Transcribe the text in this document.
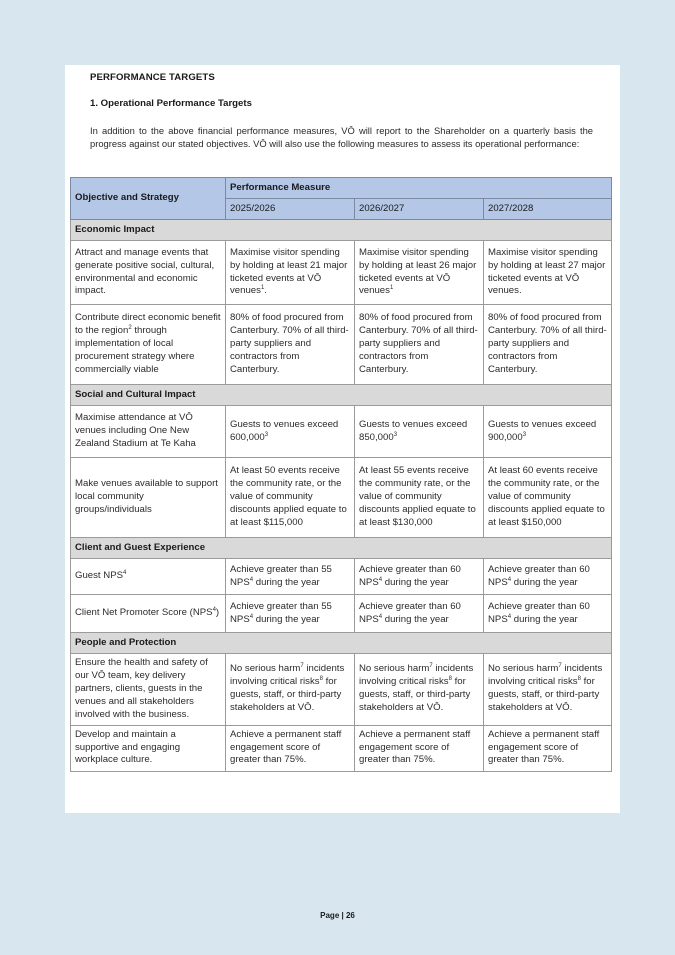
PERFORMANCE TARGETS
1. Operational Performance Targets
In addition to the above financial performance measures, VŌ will report to the Shareholder on a quarterly basis the progress against our stated objectives. VŌ will also use the following measures to assess its operational performance:
Objective and Strategy	Performance Measure		
	2025/2026	2026/2027	2027/2028
Economic Impact			
Attract and manage events that generate positive social, cultural, environmental and economic impact.	Maximise visitor spending by holding at least 21 major ticketed events at VŌ venues$^1$.	Maximise visitor spending by holding at least 26 major ticketed events at VŌ venues$^1$	Maximise visitor spending by holding at least 27 major ticketed events at VŌ venues.
Contribute direct economic benefit to the region$^2$ through implementation of local procurement strategy where commercially viable	80% of food procured from Canterbury. 70% of all third-party suppliers and contractors from Canterbury.	80% of food procured from Canterbury. 70% of all third-party suppliers and contractors from Canterbury.	80% of food procured from Canterbury. 70% of all third-party suppliers and contractors from Canterbury.
Social and Cultural Impact			
Maximise attendance at VŌ venues including One New Zealand Stadium at Te Kaha	Guests to venues exceed 600,000$^3$	Guests to venues exceed 850,000$^3$	Guests to venues exceed 900,000$^3$
Make venues available to support local community groups/individuals	At least 50 events receive the community rate, or the value of community discounts applied equate to at least $115,000	At least 55 events receive the community rate, or the value of community discounts applied equate to at least $130,000	At least 60 events receive the community rate, or the value of community discounts applied equate to at least $150,000
Client and Guest Experience			
Guest NPS$^4$	Achieve greater than 55 NPS$^4$ during the year	Achieve greater than 60 NPS$^4$ during the year	Achieve greater than 60 NPS$^4$ during the year
Client Net Promoter Score (NPS$^4$)	Achieve greater than 55 NPS$^4$ during the year	Achieve greater than 60 NPS$^4$ during the year	Achieve greater than 60 NPS$^4$ during the year
People and Protection			
Ensure the health and safety of our VŌ team, key delivery partners, clients, guests in the venues and all stakeholders involved with the business.	No serious harm$^7$ incidents involving critical risks$^8$ for guests, staff, or third-party stakeholders at VŌ.	No serious harm$^7$ incidents involving critical risks$^8$ for guests, staff, or third-party stakeholders at VŌ.	No serious harm$^7$ incidents involving critical risks$^8$ for guests, staff, or third-party stakeholders at VŌ.
Develop and maintain a supportive and engaging workplace culture.	Achieve a permanent staff engagement score of greater than 75%.	Achieve a permanent staff engagement score of greater than 75%.	Achieve a permanent staff engagement score of greater than 75%.
Page | 26
